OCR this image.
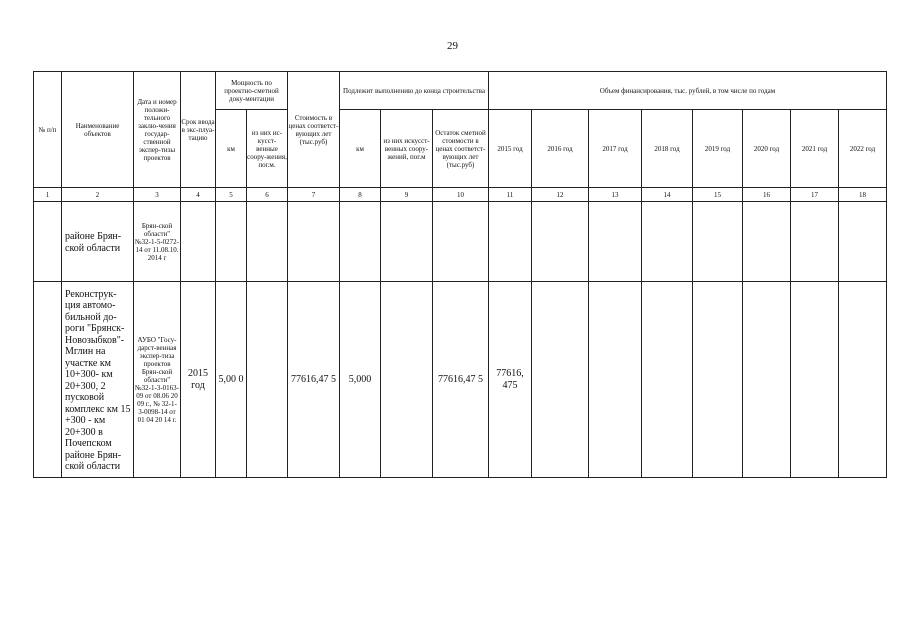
29
№ п/п	Наименование объектов	Дата и номер положи-тельного заклю-чения государ-ственной экспер-тизы проектов	Срок ввода в экс-плуа-тацию	Мощность по проектно-сметной доку-ментации		Стоимость в ценах соответст-вующих лет (тыс.руб)	Подлежит выполнению до конца строительства			Объем финансирования, тыс. рублей, в том числе по годам							
				км	из них ис-кусст-венные соору-жения, пог.м.		км	из них искусст-венных соору-жений, пог.м	Остаток сметной стоимости в ценах соответст-вующих лет (тыс.руб)	2015 год	2016 год	2017 год	2018 год	2019 год	2020 год	2021 год	2022 год
1	2	3	4	5	6	7	8	9	10	11	12	13	14	15	16	17	18
	районе Брян-ской области	Брян-ской области" №32-1-5-0272-14 от 11.08.10. 2014 г															
	Реконструк-ция автомо-бильной до-роги "Брянск-Новозыбков"-Мглин на участке км 10+300- км 20+300, 2 пусковой комплекс км 15 +300 - км 20+300 в Почепском районе Брян-ской области	АУБО "Госу-дарст-венная экспер-тиза проектов Брян-ской области" №32-1-3-0163-09 от 08.06 20 09 г., № 32-1-3-0098-14 от 01 04 20 14 г.	2015 год	5,00 0		77616,47 5	5,000		77616,47 5	77616, 475							
